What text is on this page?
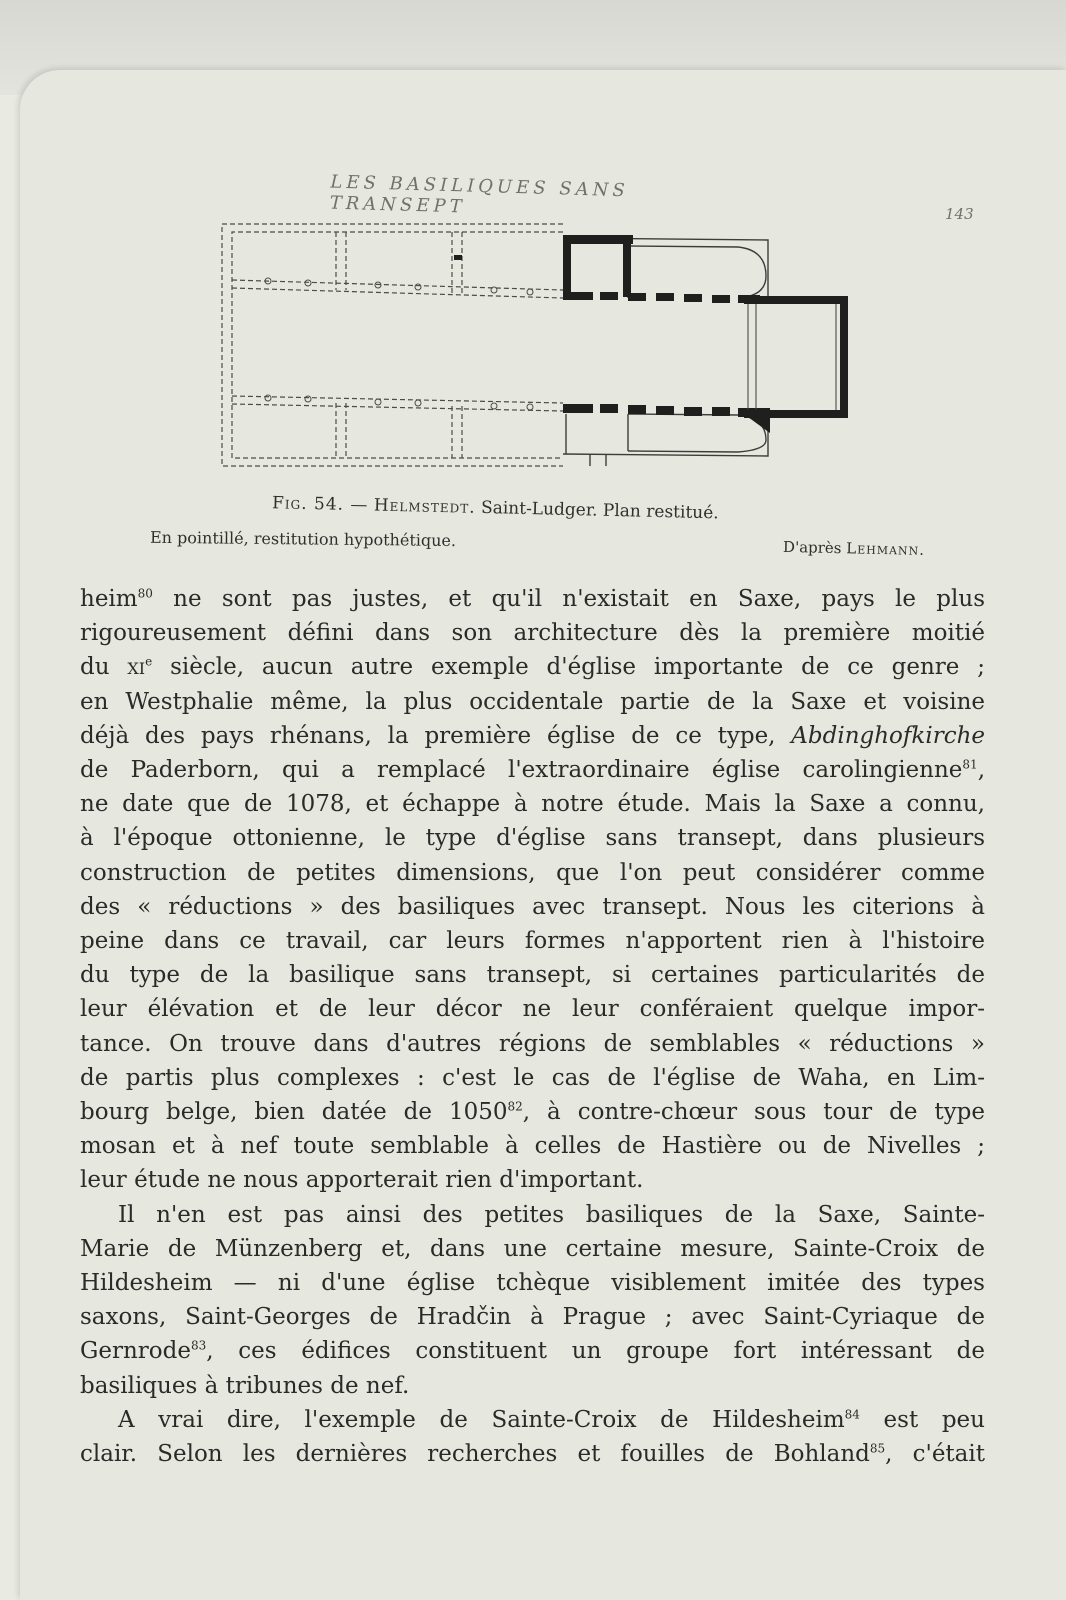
LES BASILIQUES SANS TRANSEPT	143
Fig. 54. — Helmstedt. Saint-Ludger. Plan restitué.
En pointillé, restitution hypothétique.	D'après Lehmann.
heim$^{80}$ ne sont pas justes, et qu'il n'existait en Saxe, pays le plus
rigoureusement défini dans son architecture dès la première moitié
du $xi^e$ siècle, aucun autre exemple d'église importante de ce genre ;
en Westphalie même, la plus occidentale partie de la Saxe et voisine
déjà des pays rhénans, la première église de ce type, Abdinghofkirche
de Paderborn, qui a remplacé l'extraordinaire église carolingienne$^{81}$,
ne date que de 1078, et échappe à notre étude. Mais la Saxe a connu,
à l'époque ottonienne, le type d'église sans transept, dans plusieurs
construction de petites dimensions, que l'on peut considérer comme
des « réductions » des basiliques avec transept. Nous les citerions à
peine dans ce travail, car leurs formes n'apportent rien à l'histoire
du type de la basilique sans transept, si certaines particularités de
leur élévation et de leur décor ne leur conféraient quelque impor-
tance. On trouve dans d'autres régions de semblables « réductions »
de partis plus complexes : c'est le cas de l'église de Waha, en Lim-
bourg belge, bien datée de 1050$^{82}$, à contre-chœur sous tour de type
mosan et à nef toute semblable à celles de Hastière ou de Nivelles ;
leur étude ne nous apporterait rien d'important.
Il n'en est pas ainsi des petites basiliques de la Saxe, Sainte-
Marie de Münzenberg et, dans une certaine mesure, Sainte-Croix de
Hildesheim — ni d'une église tchèque visiblement imitée des types
saxons, Saint-Georges de Hradčin à Prague ; avec Saint-Cyriaque de
Gernrode$^{83}$, ces édifices constituent un groupe fort intéressant de
basiliques à tribunes de nef.
A vrai dire, l'exemple de Sainte-Croix de Hildesheim$^{84}$ est peu
clair. Selon les dernières recherches et fouilles de Bohland$^{85}$, c'était
